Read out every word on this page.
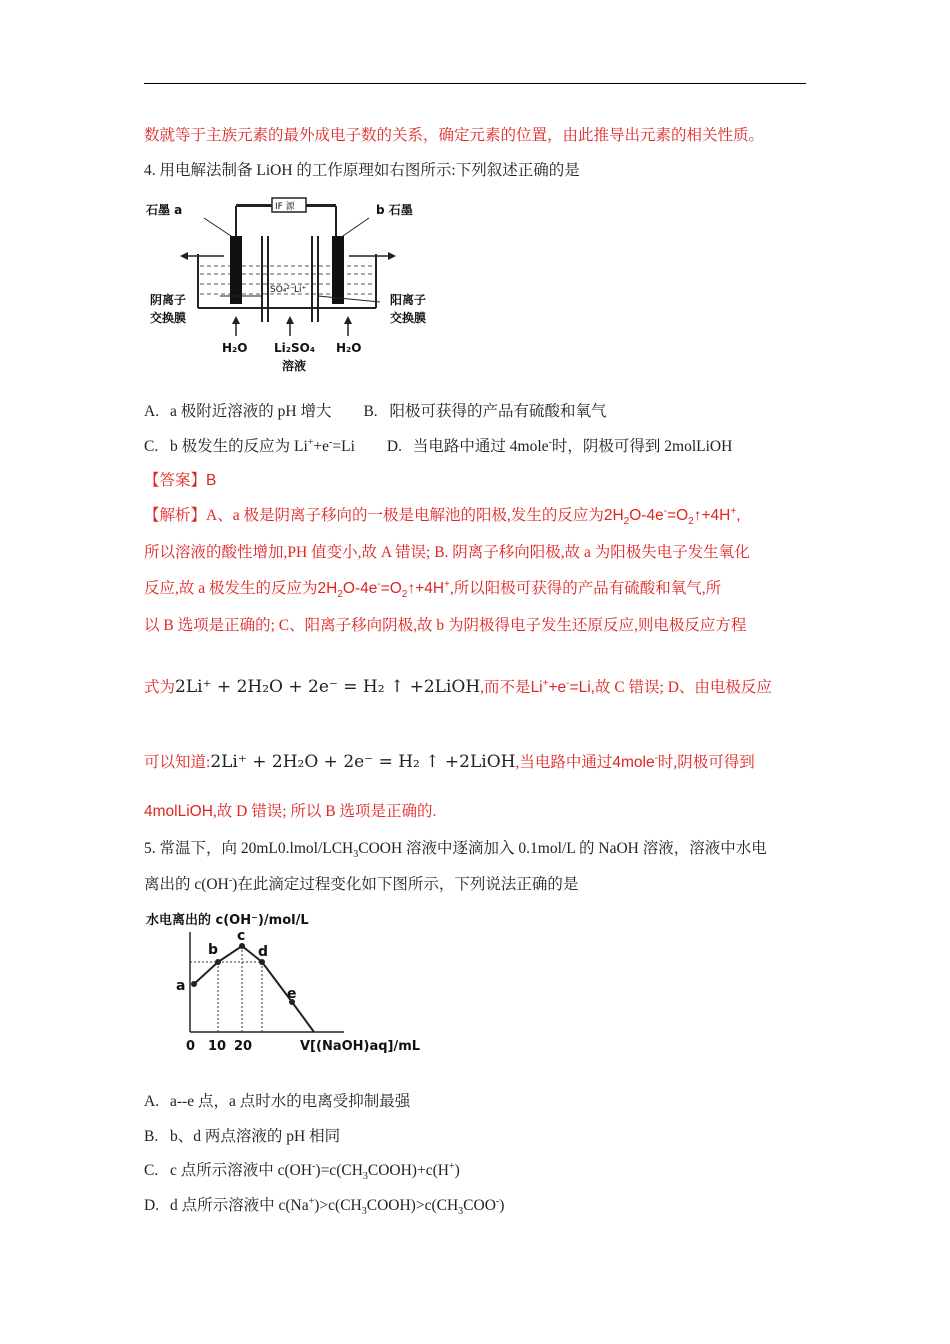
数就等于主族元素的最外成电子数的关系，确定元素的位置，由此推导出元素的相关性质。
4. 用电解法制备 LiOH 的工作原理如右图所示:下列叙述正确的是
IF 源
石墨 a	b 石墨
阴离子
交换膜
阳离子
交换膜
SO₄²⁻ Li⁺
H₂O Li₂SO₄
溶液
H₂O
A. a 极附近溶液的 pH 增大 B. 阳极可获得的产品有硫酸和氧气
C. b 极发生的反应为 Li++e-=Li D. 当电路中通过 4mole-时，阴极可得到 2molLiOH
【答案】B
【解析】A、a 极是阴离子移向的一极是电解池的阳极,发生的反应为$2H_2O-4e^-=O_2↑+4H^+$,
所以溶液的酸性增加,PH 值变小,故 A 错误; B. 阴离子移向阳极,故 a 为阳极失电子发生氧化
反应,故 a 极发生的反应为$2H_2O-4e^-=O_2↑+4H^+$,所以阳极可获得的产品有硫酸和氧气,所
以 B 选项是正确的; C、阳离子移向阴极,故 b 为阴极得电子发生还原反应,则电极反应方程
式为2Li⁺ + 2H₂O + 2e⁻ = H₂ ↑ +2LiOH,而不是Li++e-=Li,故 C 错误; D、由电极反应
可以知道:2Li⁺ + 2H₂O + 2e⁻ = H₂ ↑ +2LiOH,当电路中通过4mole-时,阴极可得到
4molLiOH,故 D 错误; 所以 B 选项是正确的.
5. 常温下，向 $20mL0.lmol/LCH_3COOH$ 溶液中逐滴加入 0.1mol/L 的 NaOH 溶液，溶液中水电
离出的 c(OH-)在此滴定过程变化如下图所示，下列说法正确的是
水电离出的 c(OH⁻)/mol/L
a
b
c
d
e
0 10 20	V[(NaOH)aq]/mL
A. a--e 点，a 点时水的电离受抑制最强
B. b、d 两点溶液的 pH 相同
C. c 点所示溶液中 $c(OH^-)=c(CH_3COOH)+c(H^+)$
D. d 点所示溶液中 $c(Na^+)>c(CH_3COOH)>c(CH_3COO^-)$
